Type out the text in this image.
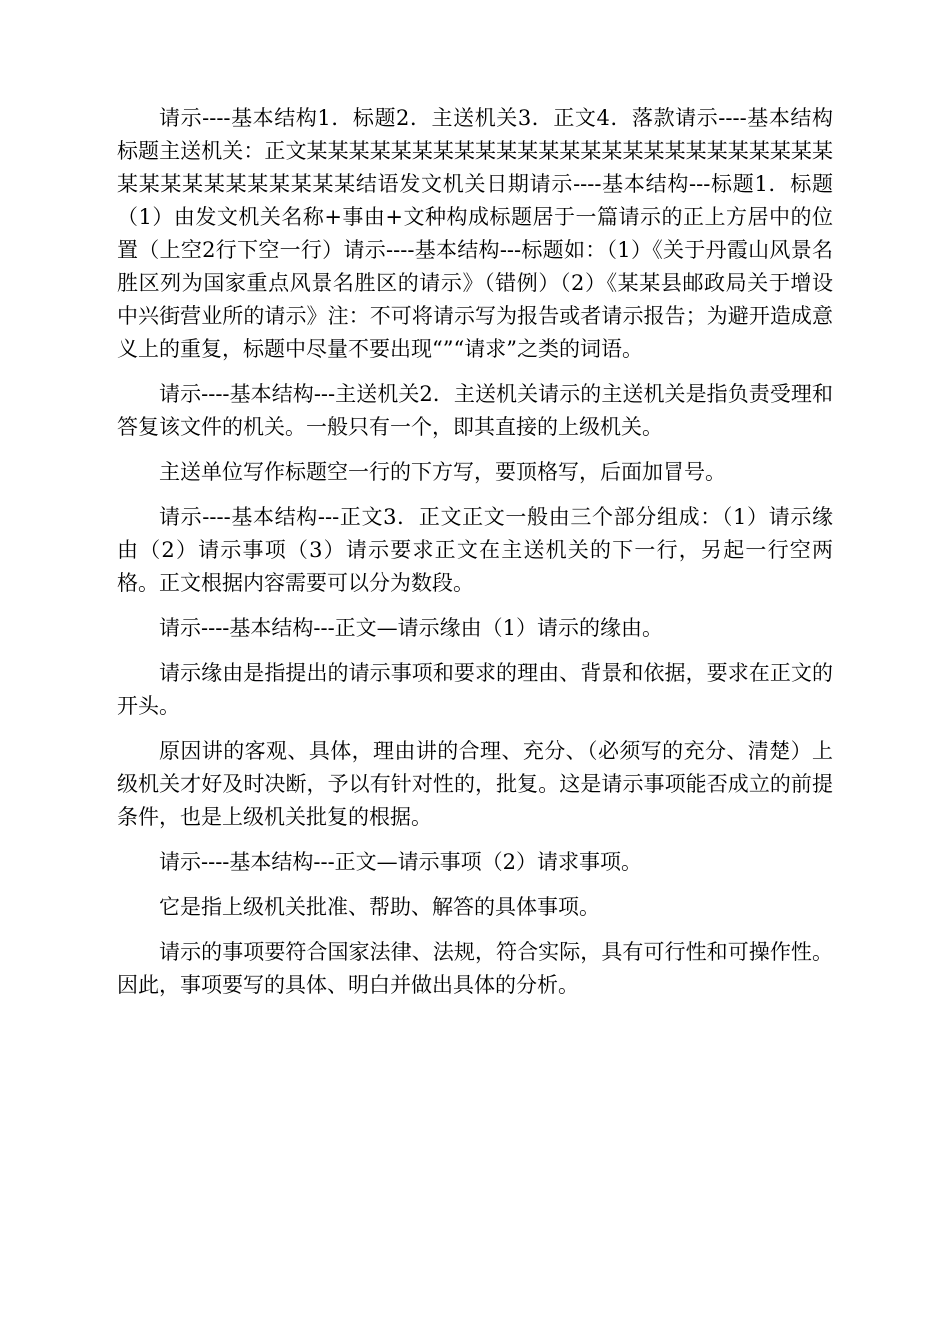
请示----基本结构1．标题2．主送机关3．正文4．落款请示----基本结构标题主送机关：正文某某某某某某某某某某某某某某某某某某某某某某某某某某某某某某某某某某某某结语发文机关日期请示----基本结构---标题1．标题（1）由发文机关名称+事由+文种构成标题居于一篇请示的正上方居中的位置（上空2行下空一行）请示----基本结构---标题如：（1）《关于丹霞山风景名胜区列为国家重点风景名胜区的请示》（错例）（2）《某某县邮政局关于增设中兴街营业所的请示》注：不可将请示写为报告或者请示报告；为避开造成意义上的重复，标题中尽量不要出现“”“请求”之类的词语。

请示----基本结构---主送机关2．主送机关请示的主送机关是指负责受理和答复该文件的机关。一般只有一个，即其直接的上级机关。

主送单位写作标题空一行的下方写，要顶格写，后面加冒号。

请示----基本结构---正文3．正文正文一般由三个部分组成：（1）请示缘由（2）请示事项（3）请示要求正文在主送机关的下一行，另起一行空两格。正文根据内容需要可以分为数段。

请示----基本结构---正文—请示缘由（1）请示的缘由。

请示缘由是指提出的请示事项和要求的理由、背景和依据，要求在正文的开头。

原因讲的客观、具体，理由讲的合理、充分、（必须写的充分、清楚）上级机关才好及时决断，予以有针对性的，批复。这是请示事项能否成立的前提条件，也是上级机关批复的根据。

请示----基本结构---正文—请示事项（2）请求事项。

它是指上级机关批准、帮助、解答的具体事项。

请示的事项要符合国家法律、法规，符合实际，具有可行性和可操作性。因此，事项要写的具体、明白并做出具体的分析。
